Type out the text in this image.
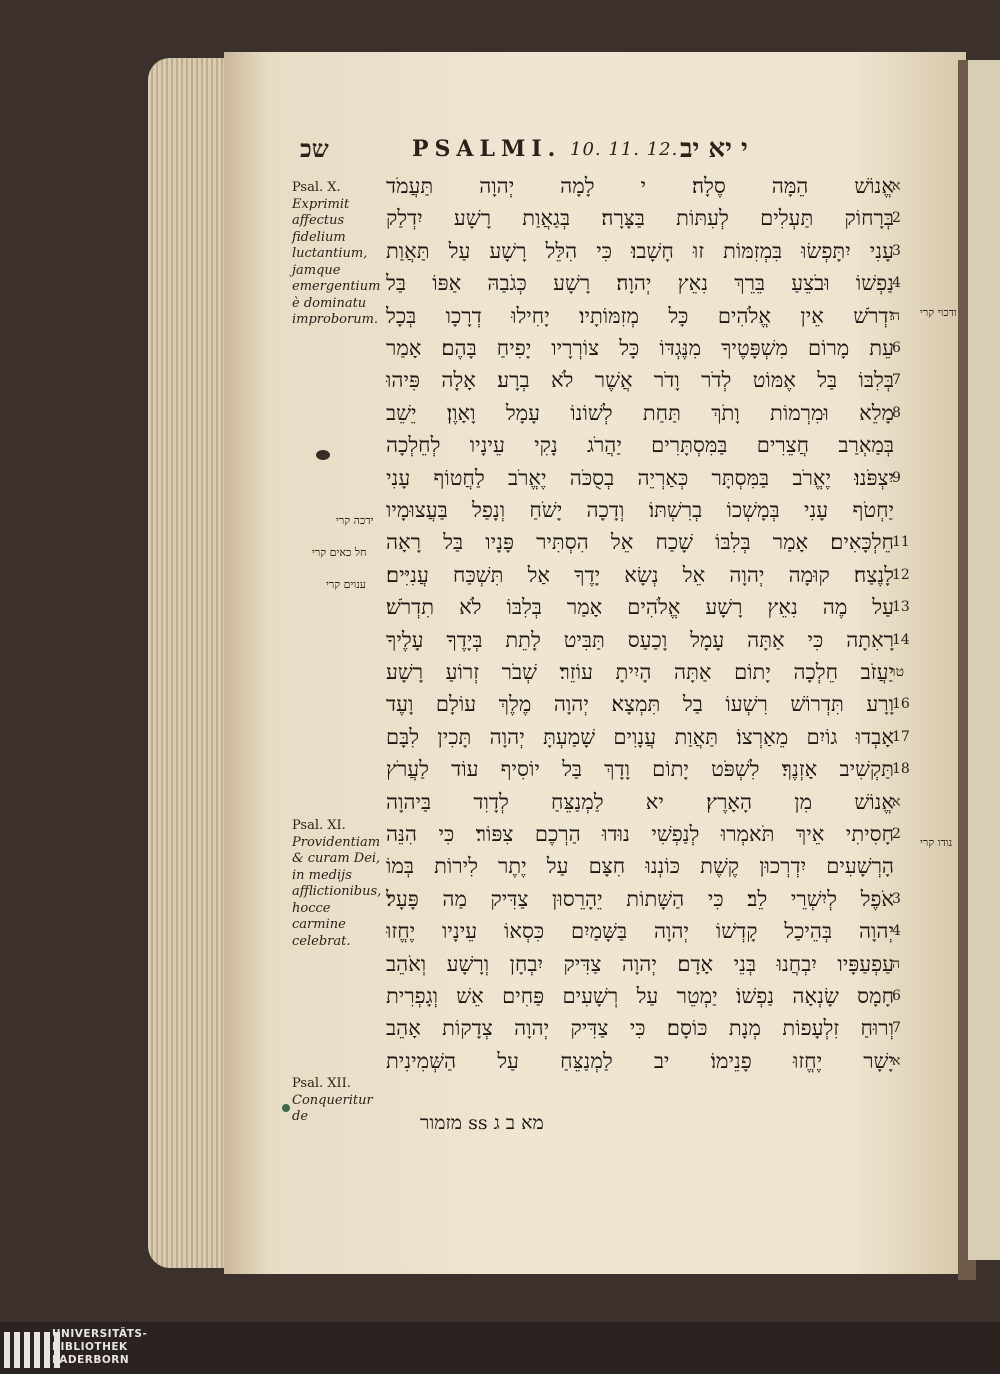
שכ	PSALMI. 10. 11. 12. י יא יב
Psal. X.
Exprimit affectus fidelium luctantium, jamque emergentium è dominatu improborum.
Psal. XI.
Providentiam & curam Dei, in medijs afflictionibus, hocce carmine celebrat.
Psal. XII.
Conqueritur de
ידכה קרי
חל כאים קרי
ענוים קרי
נודו קרי
ודכוי קרי
אֱנוֹשׁ הֵמָּה סֶלָה׃ י לָמָה יְהוָה תַּעֲמֹד
א
בְּרָחוֹק תַּעְלִים לְעִתּוֹת בַּצָּרָה׃ בְּגַאֲוַת רָשָׁע יִדְלַק
2
עָנִי יִתָּפְשׂוּ בִּמְזִמּוֹת זוּ חָשָׁבוּ׃ כִּי הִלֵּל רָשָׁע עַל תַּאֲוַת
3
נַפְשׁוֹ וּבֹצֵעַ בֵּרֵךְ נִאֵץ יְהוָה׃ רָשָׁע כְּגֹבַהּ אַפּוֹ בַּל
4
יִדְרֹשׁ אֵין אֱלֹהִים כָּל מְזִמּוֹתָיו׃ יָחִילוּ דְרָכָו בְּכָל
ה
עֵת מָרוֹם מִשְׁפָּטֶיךָ מִנֶּגְדּוֹ כָּל צוֹרְרָיו יָפִיחַ בָּהֶם׃ אָמַר
6
בְּלִבּוֹ בַּל אֶמּוֹט לְדֹר וָדֹר אֲשֶׁר לֹא בְרָע׃ אָלָה פִּיהוּ
7
מָלֵא וּמִרְמוֹת וָתֹךְ תַּחַת לְשׁוֹנוֹ עָמָל וָאָוֶן׃ יֵשֵׁב
8
בְּמַאְרַב חֲצֵרִים בַּמִּסְתָּרִים יַהֲרֹג נָקִי עֵינָיו לְחֵלְכָה
יִצְפֹּנוּ׃ יֶאֱרֹב בַּמִּסְתָּר כְּאַרְיֵה בְסֻכֹּה יֶאֱרֹב לַחֲטוֹף עָנִי
9
יַחְטֹף עָנִי בְּמָשְׁכוֹ בְרִשְׁתּוֹ׃ וְדָכָה יָשֹׁחַ וְנָפַל בַּעֲצוּמָיו
חֵלְכָּאִים׃ אָמַר בְּלִבּוֹ שָׁכַח אֵל הִסְתִּיר פָּנָיו בַּל רָאָה
11
לָנֶצַח׃ קוּמָה יְהוָה אֵל נְשָׂא יָדֶךָ אַל תִּשְׁכַּח עֲנִיִּים׃
12
עַל מֶה נִאֵץ רָשָׁע אֱלֹהִים אָמַר בְּלִבּוֹ לֹא תִדְרֹשׁ׃
13
רָאִתָה כִּי אַתָּה עָמָל וָכַעַס תַּבִּיט לָתֵת בְּיָדֶךָ עָלֶיךָ
14
יַעֲזֹב חֵלְכָה יָתוֹם אַתָּה הָיִיתָ עוֹזֵר׃ שְׁבֹר זְרוֹעַ רָשָׁע
טו
וָרָע תִּדְרוֹשׁ רִשְׁעוֹ בַל תִּמְצָא׃ יְהוָה מֶלֶךְ עוֹלָם וָעֶד
16
אָבְדוּ גוֹיִם מֵאַרְצוֹ׃ תַּאֲוַת עֲנָוִים שָׁמַעְתָּ יְהוָה תָּכִין לִבָּם
17
תַּקְשִׁיב אָזְנֶךָ׃ לִשְׁפֹּט יָתוֹם וָדָךְ בַּל יוֹסִיף עוֹד לַעֲרֹץ
18
אֱנוֹשׁ מִן הָאָרֶץ׃ יא לַמְנַצֵּחַ לְדָוִד בַּיהוָה
א
חָסִיתִי אֵיךְ תֹּאמְרוּ לְנַפְשִׁי נוּדוּ הַרְכֶם צִפּוֹר׃ כִּי הִנֵּה
2
הָרְשָׁעִים יִדְרְכוּן קֶשֶׁת כּוֹנְנוּ חִצָּם עַל יֶתֶר לִירוֹת בְּמוֹ
אֹפֶל לְיִשְׁרֵי לֵב׃ כִּי הַשָּׁתוֹת יֵהָרֵסוּן צַדִּיק מַה פָּעָל׃
3
יְהוָה בְּהֵיכַל קָדְשׁוֹ יְהוָה בַּשָּׁמַיִם כִּסְאוֹ עֵינָיו יֶחֱזוּ
4
עַפְעַפָּיו יִבְחֲנוּ בְּנֵי אָדָם׃ יְהוָה צַדִּיק יִבְחָן וְרָשָׁע וְאֹהֵב
ה
חָמָס שָׂנְאָה נַפְשׁוֹ׃ יַמְטֵר עַל רְשָׁעִים פַּחִים אֵשׁ וְגָפְרִית
6
וְרוּחַ זִלְעָפוֹת מְנָת כּוֹסָם׃ כִּי צַדִּיק יְהוָה צְדָקוֹת אָהֵב
7
יָשָׁר יֶחֱזוּ פָנֵימוֹ׃ יב לַמְנַצֵּחַ עַל הַשְּׁמִינִית
א
מא ב ג ss מזמור
UNIVERSITÄTS-
BIBLIOTHEK
PADERBORN
